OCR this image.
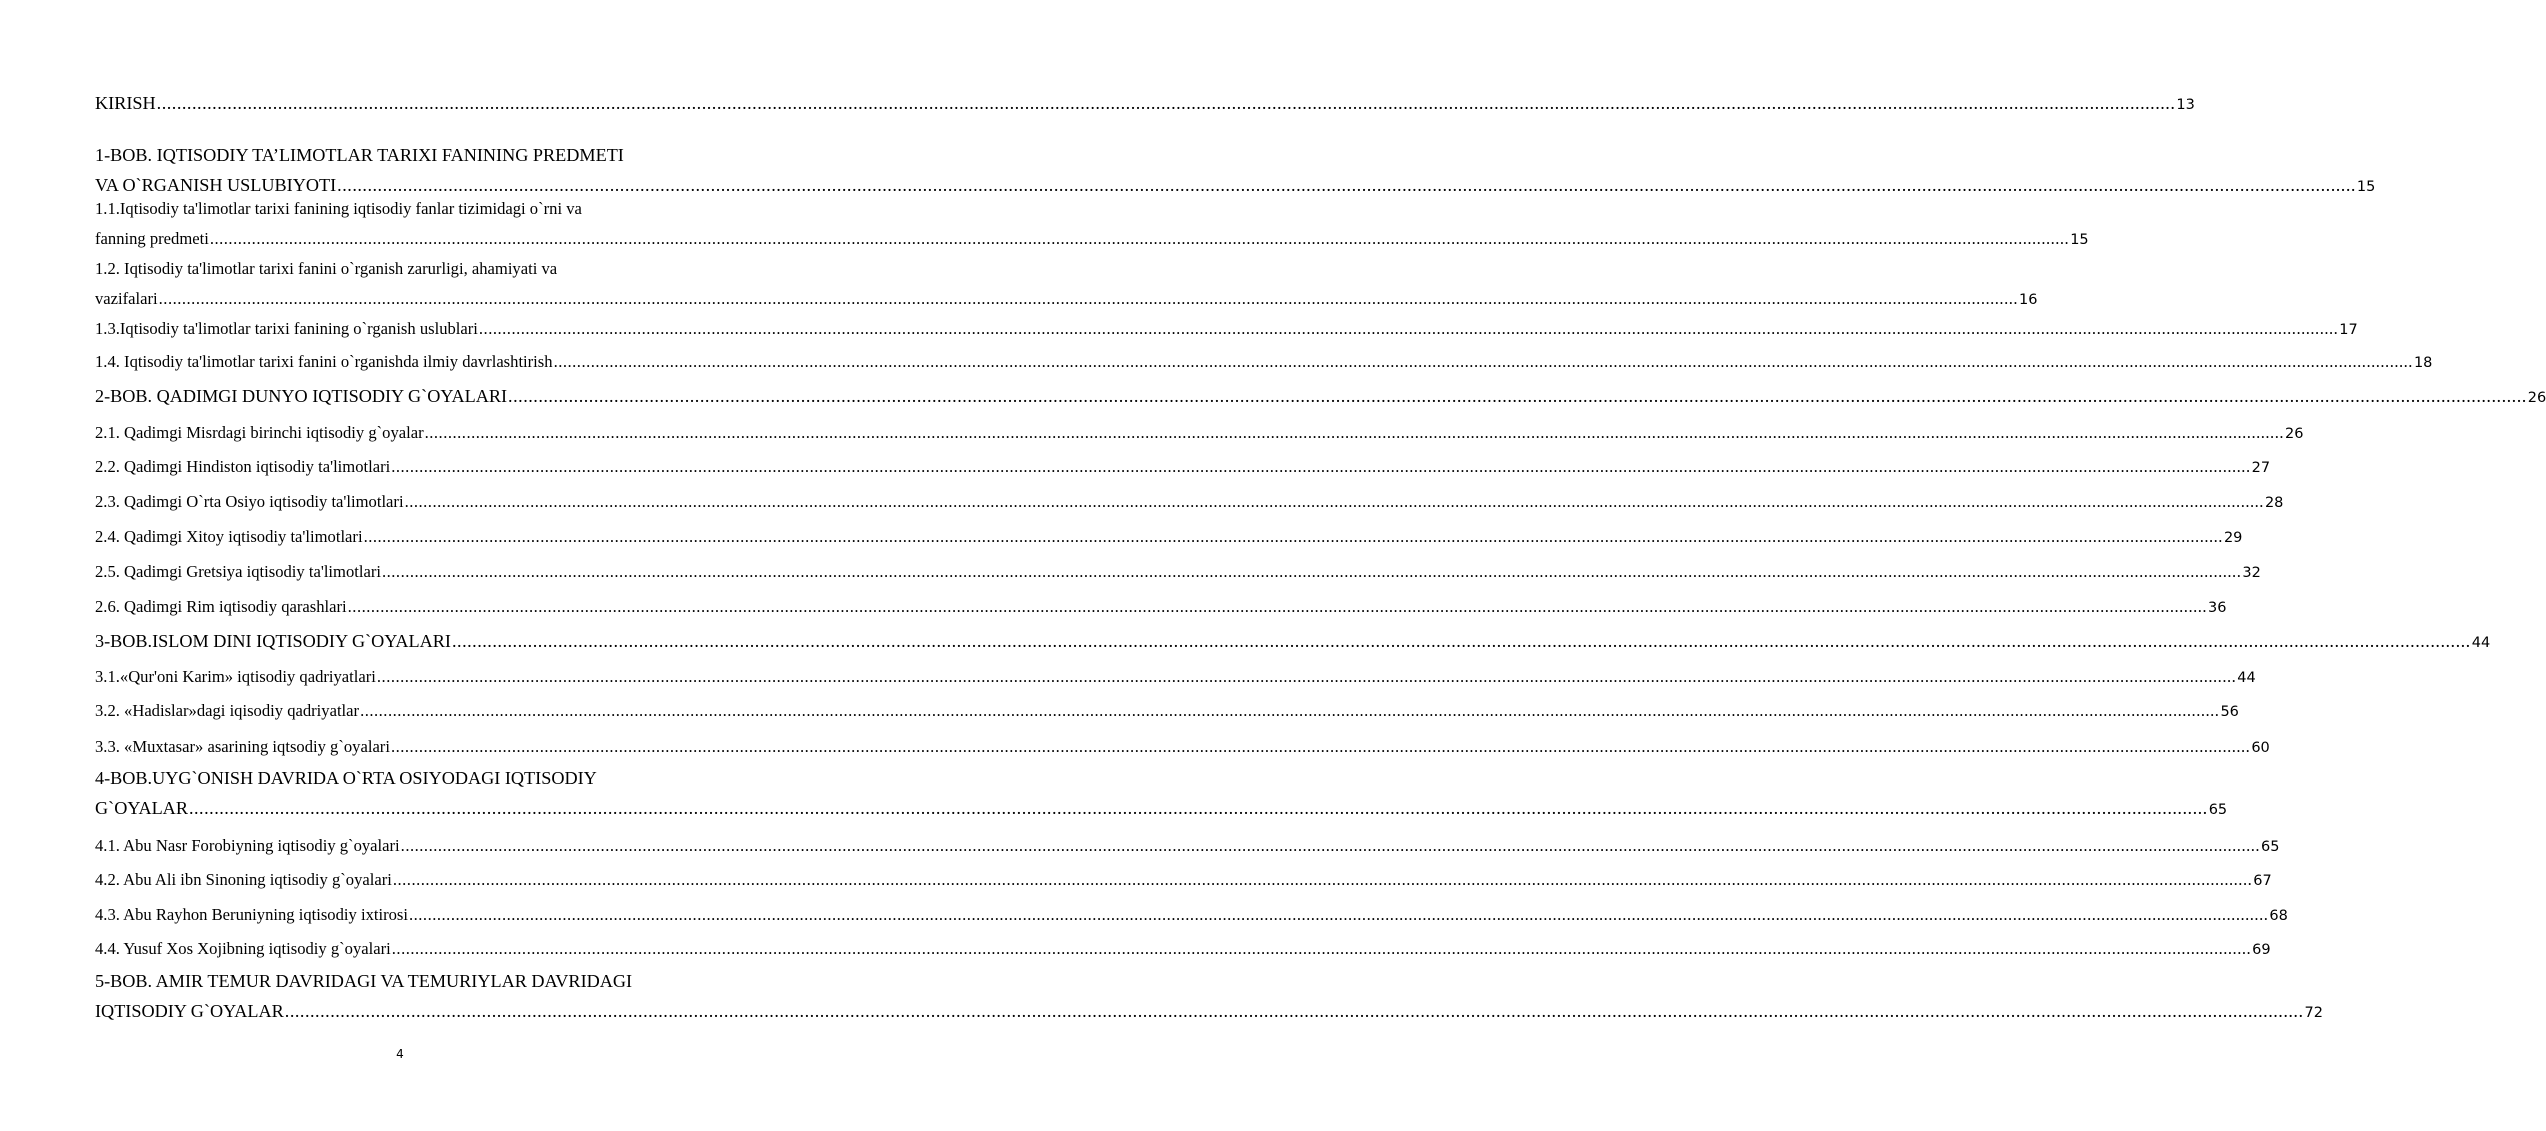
KIRISH ................................................................................................................................................................................................................................................................................................................................................................................................................ 13
1-BOB. IQTISODIY TA’LIMOTLAR TARIXI FANINING PREDMETI
VA O`RGANISH USLUBIYOTI ................................................................................................................................................................................................................................................................................................................................................................................................................ 15
1.1.Iqtisodiy ta'limotlar tarixi fanining iqtisodiy fanlar tizimidagi o`rni va
fanning predmeti ................................................................................................................................................................................................................................................................................................................................................................................................................ 15
1.2. Iqtisodiy ta'limotlar tarixi fanini o`rganish zarurligi, ahamiyati va
vazifalari ................................................................................................................................................................................................................................................................................................................................................................................................................ 16
1.3.Iqtisodiy ta'limotlar tarixi fanining o`rganish uslublari ................................................................................................................................................................................................................................................................................................................................................................................................................ 17
1.4. Iqtisodiy ta'limotlar tarixi fanini o`rganishda ilmiy davrlashtirish ................................................................................................................................................................................................................................................................................................................................................................................................................ 18
2-BOB. QADIMGI DUNYO IQTISODIY G`OYALARI ................................................................................................................................................................................................................................................................................................................................................................................................................ 26
2.1. Qadimgi Misrdagi birinchi iqtisodiy g`oyalar ................................................................................................................................................................................................................................................................................................................................................................................................................ 26
2.2. Qadimgi Hindiston iqtisodiy ta'limotlari ................................................................................................................................................................................................................................................................................................................................................................................................................ 27
2.3. Qadimgi O`rta Osiyo iqtisodiy ta'limotlari ................................................................................................................................................................................................................................................................................................................................................................................................................ 28
2.4. Qadimgi Xitoy iqtisodiy ta'limotlari ................................................................................................................................................................................................................................................................................................................................................................................................................ 29
2.5. Qadimgi Gretsiya iqtisodiy ta'limotlari ................................................................................................................................................................................................................................................................................................................................................................................................................ 32
2.6. Qadimgi Rim iqtisodiy qarashlari ................................................................................................................................................................................................................................................................................................................................................................................................................ 36
3-BOB.ISLOM DINI IQTISODIY G`OYALARI ................................................................................................................................................................................................................................................................................................................................................................................................................ 44
3.1.«Qur'oni Karim» iqtisodiy qadriyatlari ................................................................................................................................................................................................................................................................................................................................................................................................................ 44
3.2. «Hadislar»dagi iqisodiy qadriyatlar ................................................................................................................................................................................................................................................................................................................................................................................................................ 56
3.3. «Muxtasar» asarining iqtsodiy g`oyalari ................................................................................................................................................................................................................................................................................................................................................................................................................ 60
4-BOB.UYG`ONISH DAVRIDA O`RTA OSIYODAGI IQTISODIY
G`OYALAR ................................................................................................................................................................................................................................................................................................................................................................................................................ 65
4.1. Abu Nasr Forobiyning iqtisodiy g`oyalari ................................................................................................................................................................................................................................................................................................................................................................................................................ 65
4.2. Abu Ali ibn Sinoning iqtisodiy g`oyalari ................................................................................................................................................................................................................................................................................................................................................................................................................ 67
4.3. Abu Rayhon Beruniyning iqtisodiy ixtirosi ................................................................................................................................................................................................................................................................................................................................................................................................................ 68
4.4. Yusuf Xos Xojibning iqtisodiy g`oyalari ................................................................................................................................................................................................................................................................................................................................................................................................................ 69
5-BOB. AMIR TEMUR DAVRIDAGI VA TEMURIYLAR DAVRIDAGI
IQTISODIY G`OYALAR ................................................................................................................................................................................................................................................................................................................................................................................................................ 72
4
